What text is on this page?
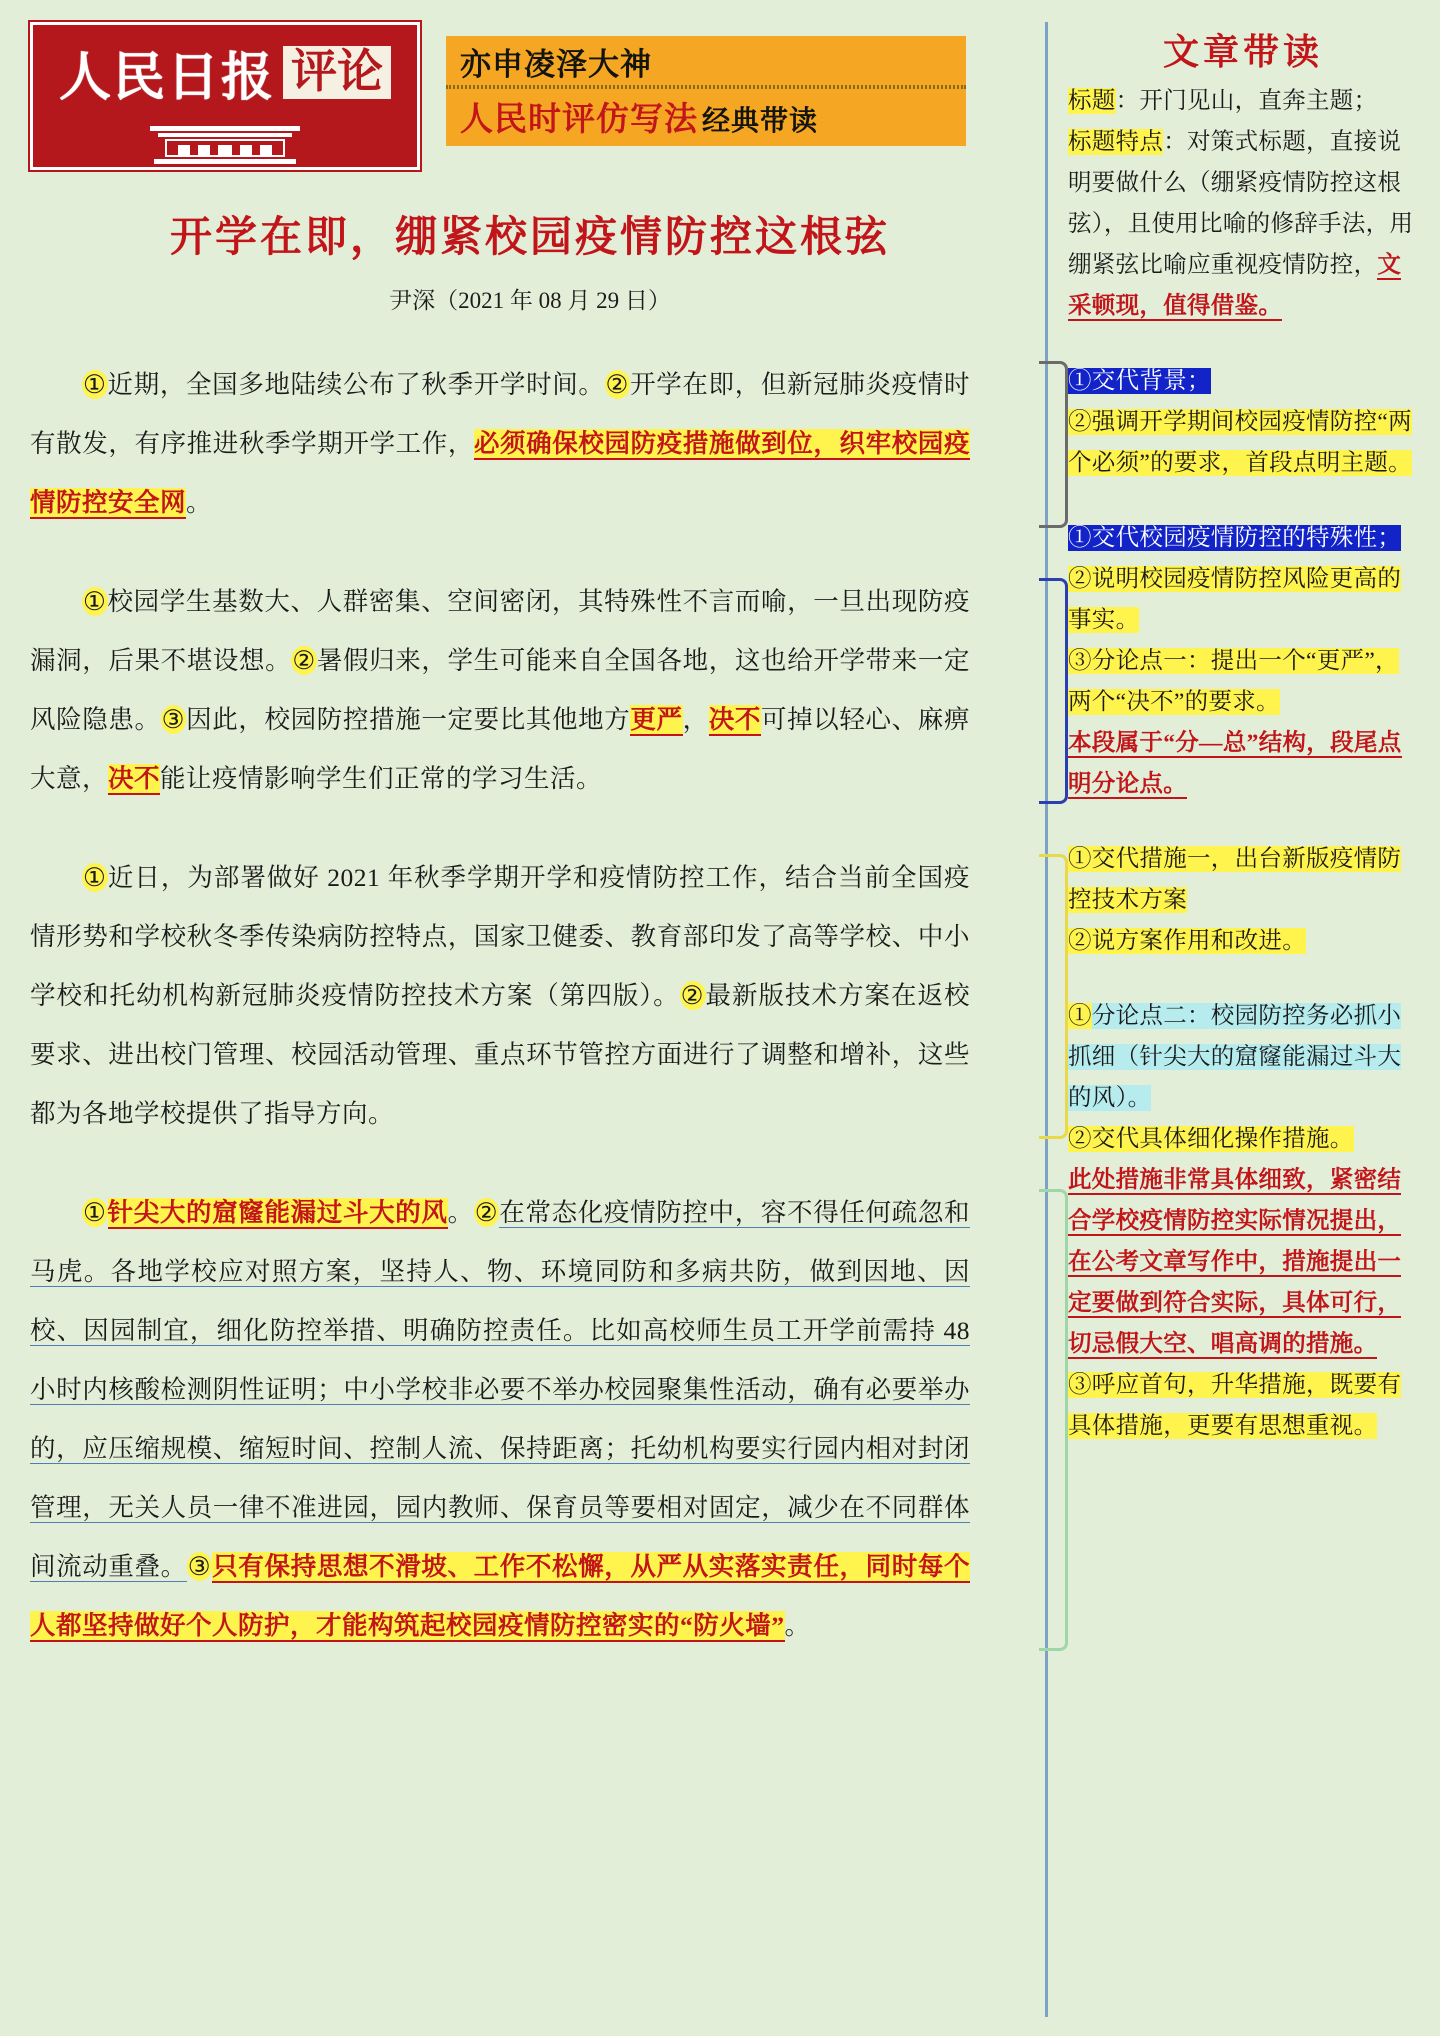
人民日报 评论	亦申凌泽大神 人民时评仿写法 经典带读
开学在即，绷紧校园疫情防控这根弦
尹深（2021 年 08 月 29 日）

①近期，全国多地陆续公布了秋季开学时间。②开学在即，但新冠肺炎疫情时有散发，有序推进秋季学期开学工作，必须确保校园防疫措施做到位，织牢校园疫情防控安全网。

①校园学生基数大、人群密集、空间密闭，其特殊性不言而喻，一旦出现防疫漏洞，后果不堪设想。②暑假归来，学生可能来自全国各地，这也给开学带来一定风险隐患。③因此，校园防控措施一定要比其他地方更严，决不可掉以轻心、麻痹大意，决不能让疫情影响学生们正常的学习生活。

①近日，为部署做好 2021 年秋季学期开学和疫情防控工作，结合当前全国疫情形势和学校秋冬季传染病防控特点，国家卫健委、教育部印发了高等学校、中小学校和托幼机构新冠肺炎疫情防控技术方案（第四版）。②最新版技术方案在返校要求、进出校门管理、校园活动管理、重点环节管控方面进行了调整和增补，这些都为各地学校提供了指导方向。

①针尖大的窟窿能漏过斗大的风。②在常态化疫情防控中，容不得任何疏忽和马虎。各地学校应对照方案，坚持人、物、环境同防和多病共防，做到因地、因校、因园制宜，细化防控举措、明确防控责任。比如高校师生员工开学前需持 48 小时内核酸检测阴性证明；中小学校非必要不举办校园聚集性活动，确有必要举办的，应压缩规模、缩短时间、控制人流、保持距离；托幼机构要实行园内相对封闭管理，无关人员一律不准进园，园内教师、保育员等要相对固定，减少在不同群体间流动重叠。③只有保持思想不滑坡、工作不松懈，从严从实落实责任，同时每个人都坚持做好个人防护，才能构筑起校园疫情防控密实的“防火墙”。

文章带读
标题：开门见山，直奔主题；
标题特点：对策式标题，直接说明要做什么（绷紧疫情防控这根弦），且使用比喻的修辞手法，用绷紧弦比喻应重视疫情防控，文采顿现，值得借鉴。
①交代背景；
②强调开学期间校园疫情防控“两个必须”的要求，首段点明主题。
①交代校园疫情防控的特殊性；
②说明校园疫情防控风险更高的事实。
③分论点一：提出一个“更严”，两个“决不”的要求。
本段属于“分—总”结构，段尾点明分论点。
①交代措施一，出台新版疫情防控技术方案
②说方案作用和改进。
①分论点二：校园防控务必抓小抓细（针尖大的窟窿能漏过斗大的风）。
②交代具体细化操作措施。
此处措施非常具体细致，紧密结合学校疫情防控实际情况提出，在公考文章写作中，措施提出一定要做到符合实际，具体可行，切忌假大空、唱高调的措施。
③呼应首句，升华措施，既要有具体措施，更要有思想重视。
